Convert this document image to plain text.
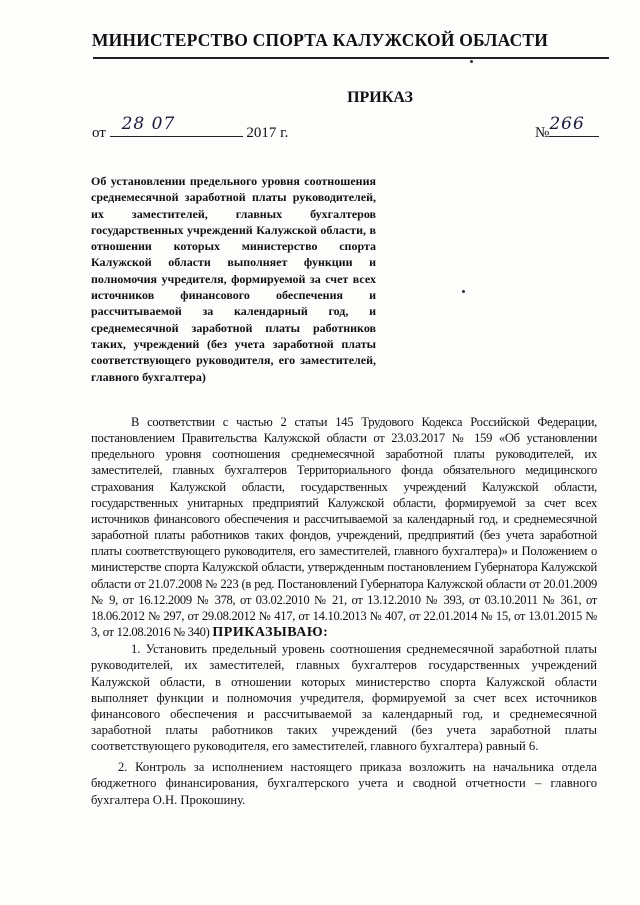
МИНИСТЕРСТВО СПОРТА КАЛУЖСКОЙ ОБЛАСТИ
ПРИКАЗ
от 28 07	2017 г.	№ 266
Об установлении предельного уровня соотношения среднемесячной заработной платы руководителей, их заместителей, главных бухгалтеров государственных учреждений Калужской области, в отношении которых министерство спорта Калужской области выполняет функции и полномочия учредителя, формируемой за счет всех источников финансового обеспечения и рассчитываемой за календарный год, и среднемесячной заработной платы работников таких, учреждений (без учета заработной платы соответствующего руководителя, его заместителей, главного бухгалтера)

В соответствии с частью 2 статьи 145 Трудового Кодекса Российской Федерации, постановлением Правительства Калужской области от 23.03.2017 № 159 «Об установлении предельного уровня соотношения среднемесячной заработной платы руководителей, их заместителей, главных бухгалтеров Территориального фонда обязательного медицинского страхования Калужской области, государственных учреждений Калужской области, государственных унитарных предприятий Калужской области, формируемой за счет всех источников финансового обеспечения и рассчитываемой за календарный год, и среднемесячной заработной платы работников таких фондов, учреждений, предприятий (без учета заработной платы соответствующего руководителя, его заместителей, главного бухгалтера)» и Положением о министерстве спорта Калужской области, утвержденным постановлением Губернатора Калужской области от 21.07.2008 № 223 (в ред. Постановлений Губернатора Калужской области от 20.01.2009 № 9, от 16.12.2009 № 378, от 03.02.2010 № 21, от 13.12.2010 № 393, от 03.10.2011 № 361, от 18.06.2012 № 297, от 29.08.2012 № 417, от 14.10.2013 № 407, от 22.01.2014 № 15, от 13.01.2015 № 3, от 12.08.2016 № 340) ПРИКАЗЫВАЮ:

1. Установить предельный уровень соотношения среднемесячной заработной платы руководителей, их заместителей, главных бухгалтеров государственных учреждений Калужской области, в отношении которых министерство спорта Калужской области выполняет функции и полномочия учредителя, формируемой за счет всех источников финансового обеспечения и рассчитываемой за календарный год, и среднемесячной заработной платы работников таких учреждений (без учета заработной платы соответствующего руководителя, его заместителей, главного бухгалтера) равный 6.

2. Контроль за исполнением настоящего приказа возложить на начальника отдела бюджетного финансирования, бухгалтерского учета и сводной отчетности – главного бухгалтера О.Н. Прокошину.
